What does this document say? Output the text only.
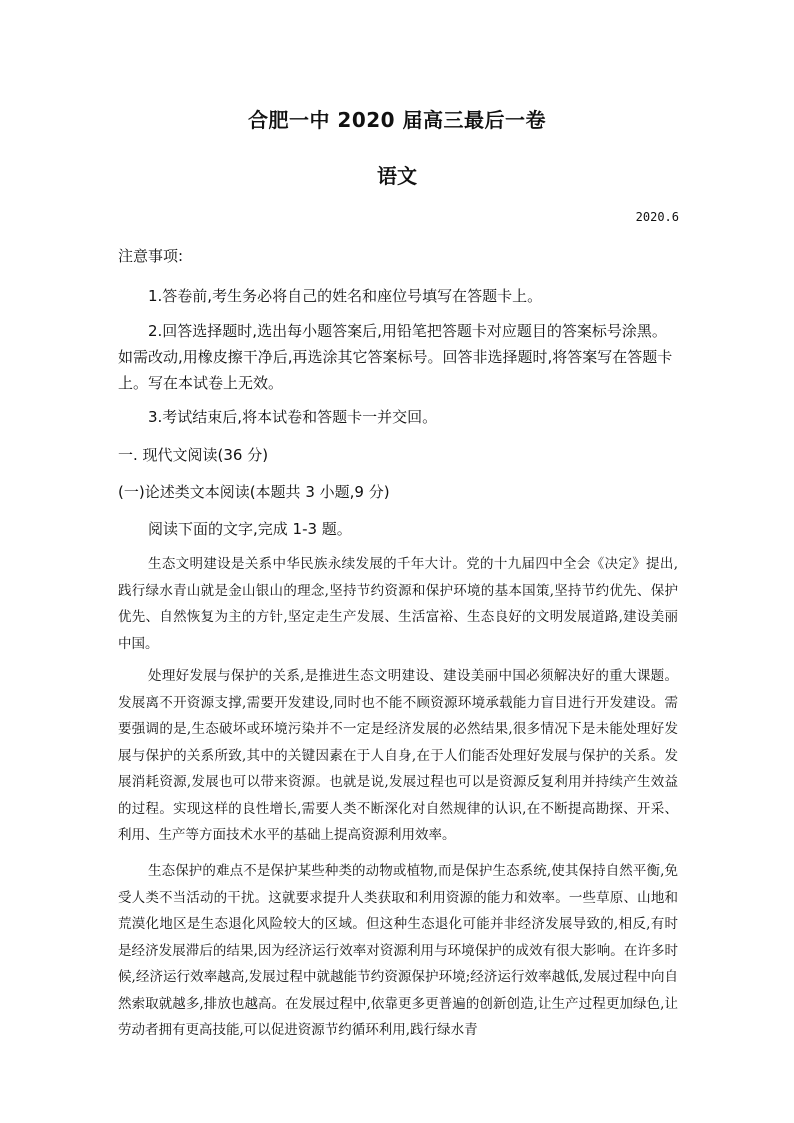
合肥一中 2020 届高三最后一卷
语文
2020.6
注意事项:
1.答卷前,考生务必将自己的姓名和座位号填写在答题卡上。
2.回答选择题时,选出每小题答案后,用铅笔把答题卡对应题目的答案标号涂黑。如需改动,用橡皮擦干净后,再选涂其它答案标号。回答非选择题时,将答案写在答题卡上。写在本试卷上无效。
3.考试结束后,将本试卷和答题卡一并交回。
一. 现代文阅读(36 分)
(一)论述类文本阅读(本题共 3 小题,9 分)
阅读下面的文字,完成 1-3 题。
生态文明建设是关系中华民族永续发展的千年大计。党的十九届四中全会《决定》提出,践行绿水青山就是金山银山的理念,坚持节约资源和保护环境的基本国策,坚持节约优先、保护优先、自然恢复为主的方针,坚定走生产发展、生活富裕、生态良好的文明发展道路,建设美丽中国。
处理好发展与保护的关系,是推进生态文明建设、建设美丽中国必须解决好的重大课题。发展离不开资源支撑,需要开发建设,同时也不能不顾资源环境承载能力盲目进行开发建设。需要强调的是,生态破坏或环境污染并不一定是经济发展的必然结果,很多情况下是未能处理好发展与保护的关系所致,其中的关键因素在于人自身,在于人们能否处理好发展与保护的关系。发展消耗资源,发展也可以带来资源。也就是说,发展过程也可以是资源反复利用并持续产生效益的过程。实现这样的良性增长,需要人类不断深化对自然规律的认识,在不断提高勘探、开采、利用、生产等方面技术水平的基础上提高资源利用效率。
生态保护的难点不是保护某些种类的动物或植物,而是保护生态系统,使其保持自然平衡,免受人类不当活动的干扰。这就要求提升人类获取和利用资源的能力和效率。一些草原、山地和荒漠化地区是生态退化风险较大的区域。但这种生态退化可能并非经济发展导致的,相反,有时是经济发展滞后的结果,因为经济运行效率对资源利用与环境保护的成效有很大影响。在许多时候,经济运行效率越高,发展过程中就越能节约资源保护环境;经济运行效率越低,发展过程中向自然索取就越多,排放也越高。在发展过程中,依靠更多更普遍的创新创造,让生产过程更加绿色,让劳动者拥有更高技能,可以促进资源节约循环利用,践行绿水青
